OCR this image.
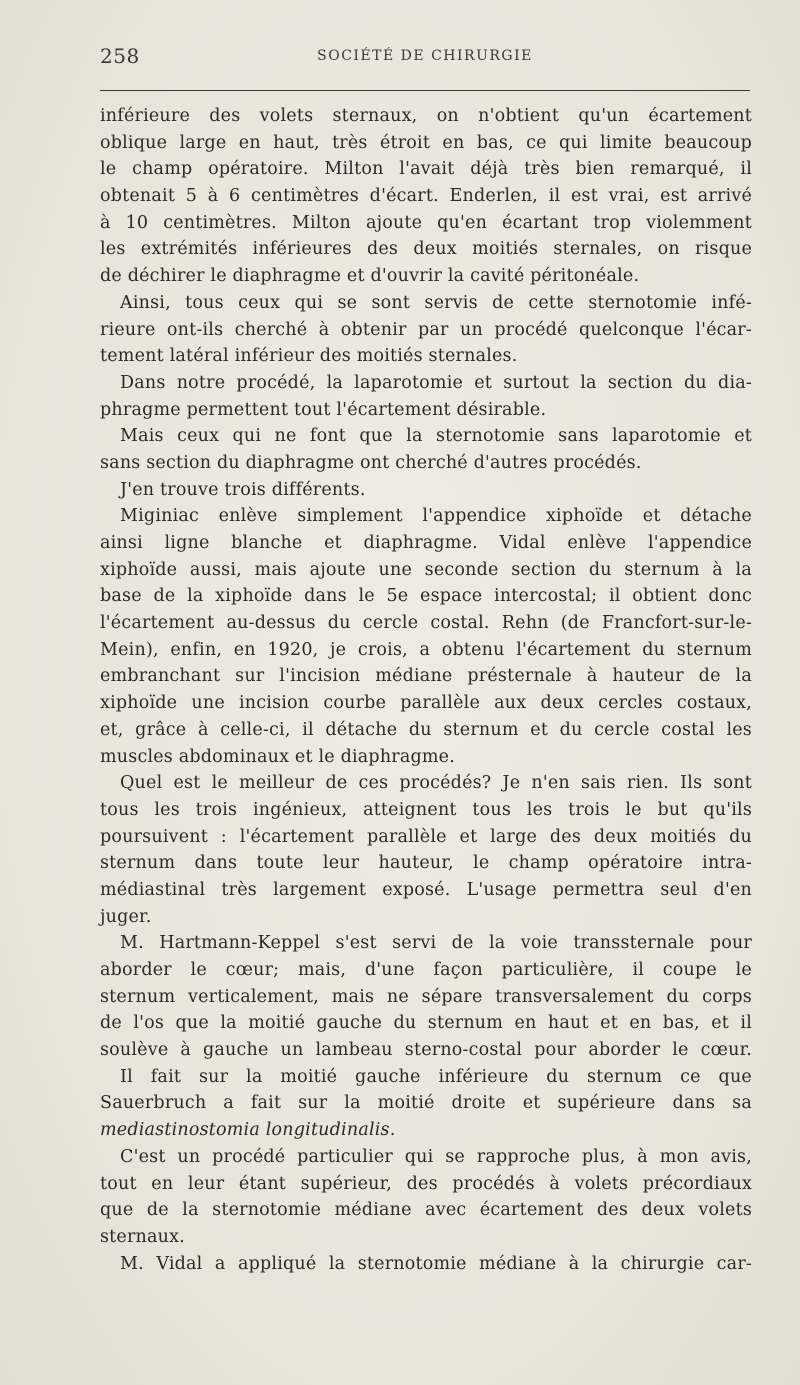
258	SOCIÉTÉ DE CHIRURGIE
inférieure des volets sternaux, on n'obtient qu'un écartement
oblique large en haut, très étroit en bas, ce qui limite beaucoup
le champ opératoire. Milton l'avait déjà très bien remarqué, il
obtenait 5 à 6 centimètres d'écart. Enderlen, il est vrai, est arrivé
à 10 centimètres. Milton ajoute qu'en écartant trop violemment
les extrémités inférieures des deux moitiés sternales, on risque
de déchirer le diaphragme et d'ouvrir la cavité péritonéale.
Ainsi, tous ceux qui se sont servis de cette sternotomie infé-
rieure ont-ils cherché à obtenir par un procédé quelconque l'écar-
tement latéral inférieur des moitiés sternales.
Dans notre procédé, la laparotomie et surtout la section du dia-
phragme permettent tout l'écartement désirable.
Mais ceux qui ne font que la sternotomie sans laparotomie et
sans section du diaphragme ont cherché d'autres procédés.
J'en trouve trois différents.
Miginiac enlève simplement l'appendice xiphoïde et détache
ainsi ligne blanche et diaphragme. Vidal enlève l'appendice
xiphoïde aussi, mais ajoute une seconde section du sternum à la
base de la xiphoïde dans le 5e espace intercostal; il obtient donc
l'écartement au-dessus du cercle costal. Rehn (de Francfort-sur-le-
Mein), enfin, en 1920, je crois, a obtenu l'écartement du sternum
embranchant sur l'incision médiane présternale à hauteur de la
xiphoïde une incision courbe parallèle aux deux cercles costaux,
et, grâce à celle-ci, il détache du sternum et du cercle costal les
muscles abdominaux et le diaphragme.
Quel est le meilleur de ces procédés? Je n'en sais rien. Ils sont
tous les trois ingénieux, atteignent tous les trois le but qu'ils
poursuivent : l'écartement parallèle et large des deux moitiés du
sternum dans toute leur hauteur, le champ opératoire intra-
médiastinal très largement exposé. L'usage permettra seul d'en
juger.
M. Hartmann-Keppel s'est servi de la voie transsternale pour
aborder le cœur; mais, d'une façon particulière, il coupe le
sternum verticalement, mais ne sépare transversalement du corps
de l'os que la moitié gauche du sternum en haut et en bas, et il
soulève à gauche un lambeau sterno-costal pour aborder le cœur.
Il fait sur la moitié gauche inférieure du sternum ce que
Sauerbruch a fait sur la moitié droite et supérieure dans sa
mediastinostomia longitudinalis.
C'est un procédé particulier qui se rapproche plus, à mon avis,
tout en leur étant supérieur, des procédés à volets précordiaux
que de la sternotomie médiane avec écartement des deux volets
sternaux.
M. Vidal a appliqué la sternotomie médiane à la chirurgie car-
